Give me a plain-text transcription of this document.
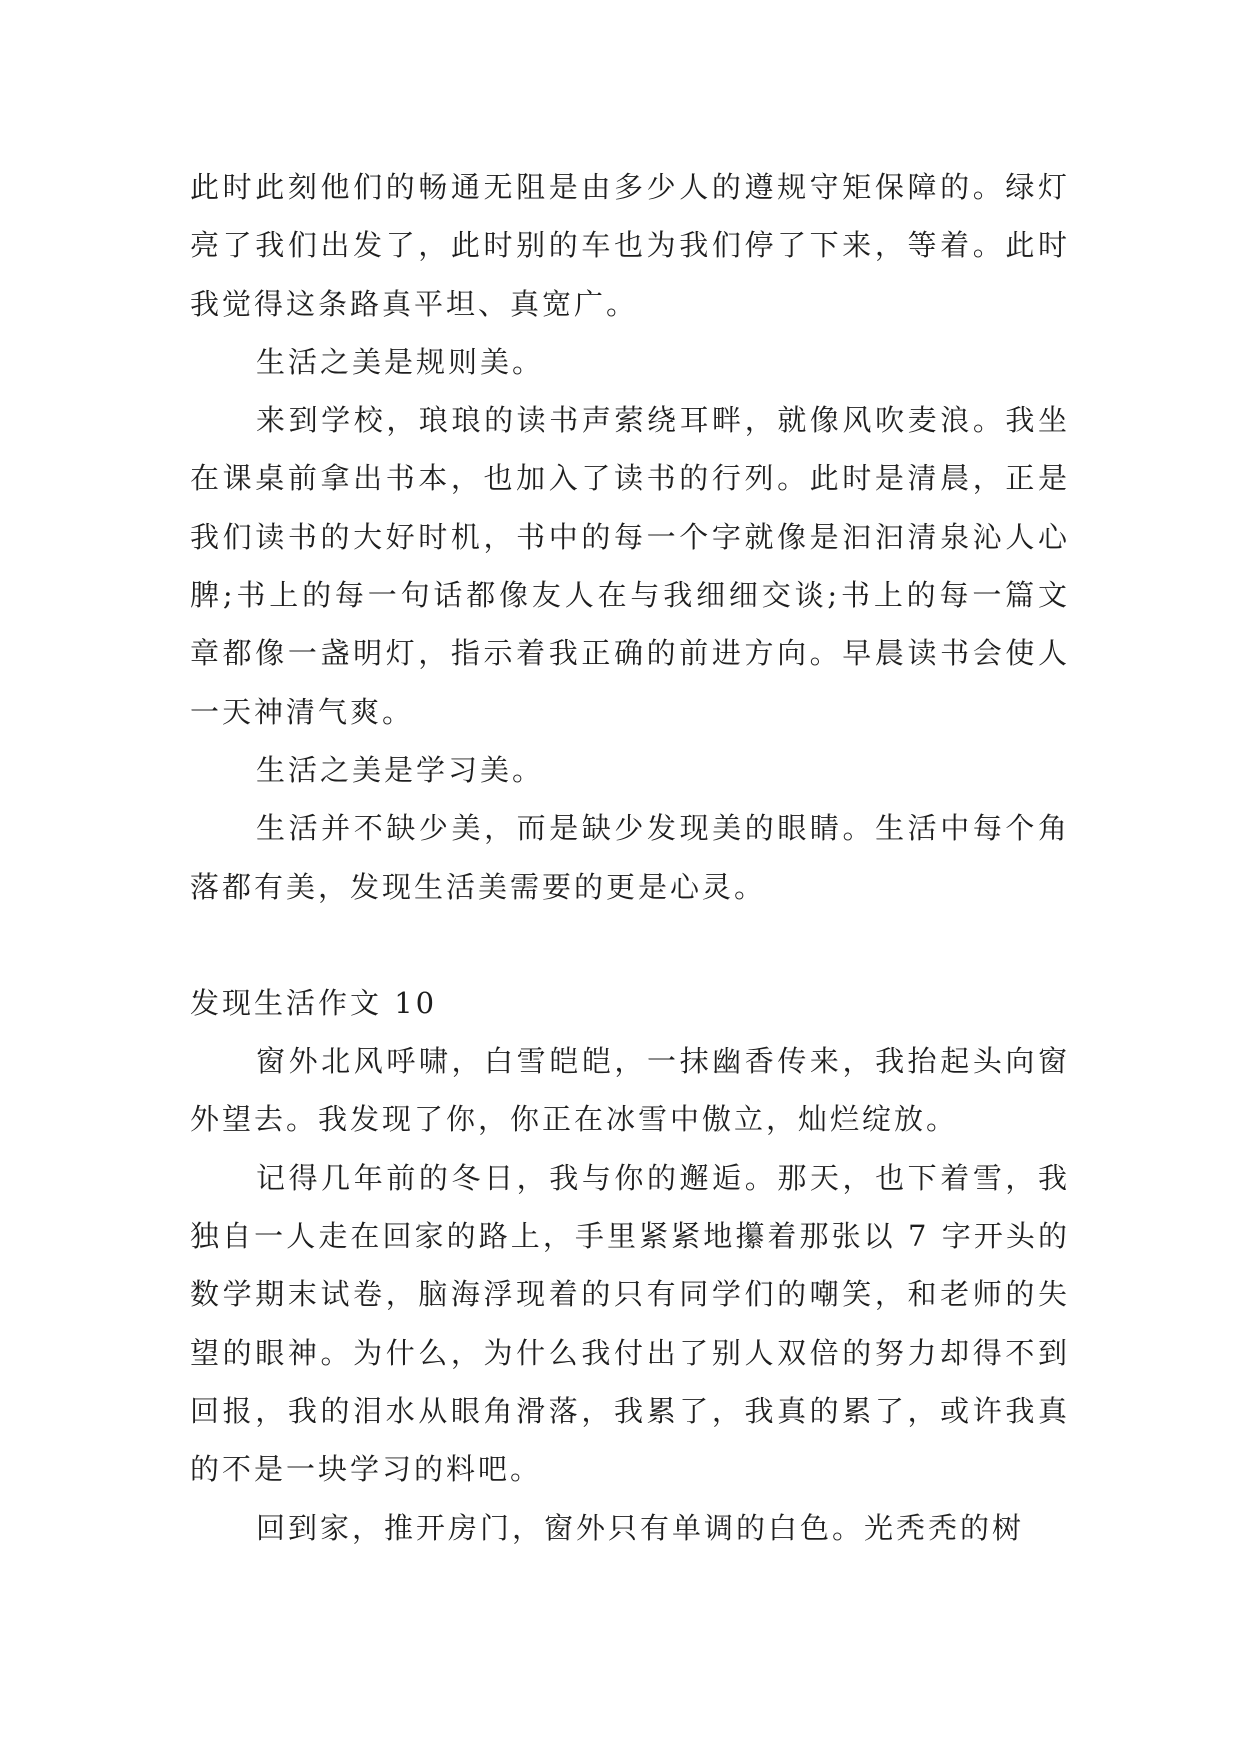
此时此刻他们的畅通无阻是由多少人的遵规守矩保障的。绿灯亮了我们出发了，此时别的车也为我们停了下来，等着。此时我觉得这条路真平坦、真宽广。

生活之美是规则美。

来到学校，琅琅的读书声萦绕耳畔，就像风吹麦浪。我坐在课桌前拿出书本，也加入了读书的行列。此时是清晨，正是我们读书的大好时机，书中的每一个字就像是汩汩清泉沁人心脾;书上的每一句话都像友人在与我细细交谈;书上的每一篇文章都像一盏明灯，指示着我正确的前进方向。早晨读书会使人一天神清气爽。

生活之美是学习美。

生活并不缺少美，而是缺少发现美的眼睛。生活中每个角落都有美，发现生活美需要的更是心灵。

发现生活作文 10

窗外北风呼啸，白雪皑皑，一抹幽香传来，我抬起头向窗外望去。我发现了你，你正在冰雪中傲立，灿烂绽放。

记得几年前的冬日，我与你的邂逅。那天，也下着雪，我独自一人走在回家的路上，手里紧紧地攥着那张以 7 字开头的数学期末试卷，脑海浮现着的只有同学们的嘲笑，和老师的失望的眼神。为什么，为什么我付出了别人双倍的努力却得不到回报，我的泪水从眼角滑落，我累了，我真的累了，或许我真的不是一块学习的料吧。

回到家，推开房门，窗外只有单调的白色。光秃秃的树
